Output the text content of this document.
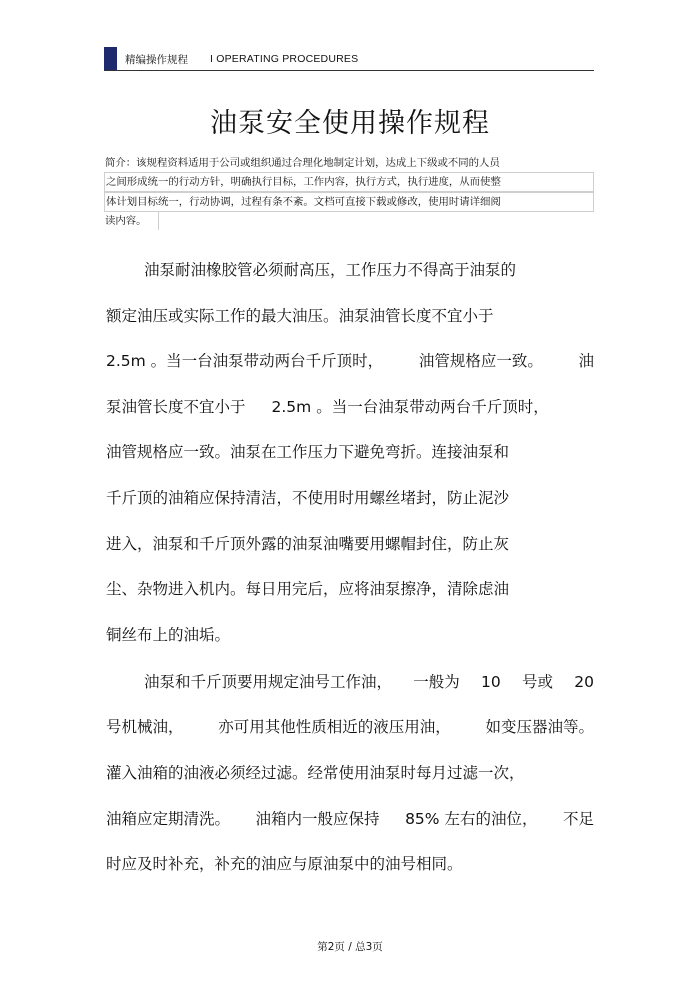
精编操作规程 I OPERATING PROCEDURES
油泵安全使用操作规程
简介：该规程资料适用于公司或组织通过合理化地制定计划，达成上下级或不同的人员
之间形成统一的行动方针，明确执行目标，工作内容，执行方式，执行进度，从而使整
体计划目标统一，行动协调，过程有条不紊。文档可直接下载或修改，使用时请详细阅
读内容。
油泵耐油橡胶管必须耐高压，工作压力不得高于油泵的
额定油压或实际工作的最大油压。油泵油管长度不宜小于
2.5m 。当一台油泵带动两台千斤顶时， 油管规格应一致。 油
泵油管长度不宜小于 2.5m 。当一台油泵带动两台千斤顶时，
油管规格应一致。油泵在工作压力下避免弯折。连接油泵和
千斤顶的油箱应保持清洁，不使用时用螺丝堵封，防止泥沙
进入，油泵和千斤顶外露的油泵油嘴要用螺帽封住，防止灰
尘、杂物进入机内。每日用完后，应将油泵擦净，清除虑油
铜丝布上的油垢。
油泵和千斤顶要用规定油号工作油， 一般为 10 号或 20
号机械油， 亦可用其他性质相近的液压用油， 如变压器油等。
灌入油箱的油液必须经过滤。经常使用油泵时每月过滤一次，
油箱应定期清洗。 油箱内一般应保持 85% 左右的油位， 不足
时应及时补充，补充的油应与原油泵中的油号相同。
第2页 / 总3页
